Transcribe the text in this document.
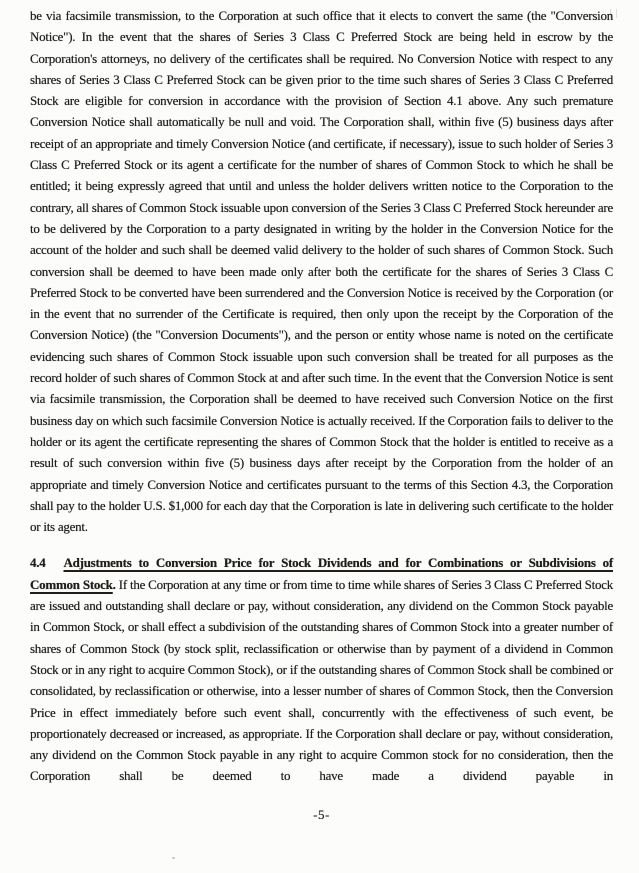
be via facsimile transmission, to the Corporation at such office that it elects to convert the same (the "Conversion Notice"). In the event that the shares of Series 3 Class C Preferred Stock are being held in escrow by the Corporation's attorneys, no delivery of the certificates shall be required. No Conversion Notice with respect to any shares of Series 3 Class C Preferred Stock can be given prior to the time such shares of Series 3 Class C Preferred Stock are eligible for conversion in accordance with the provision of Section 4.1 above. Any such premature Conversion Notice shall automatically be null and void. The Corporation shall, within five (5) business days after receipt of an appropriate and timely Conversion Notice (and certificate, if necessary), issue to such holder of Series 3 Class C Preferred Stock or its agent a certificate for the number of shares of Common Stock to which he shall be entitled; it being expressly agreed that until and unless the holder delivers written notice to the Corporation to the contrary, all shares of Common Stock issuable upon conversion of the Series 3 Class C Preferred Stock hereunder are to be delivered by the Corporation to a party designated in writing by the holder in the Conversion Notice for the account of the holder and such shall be deemed valid delivery to the holder of such shares of Common Stock. Such conversion shall be deemed to have been made only after both the certificate for the shares of Series 3 Class C Preferred Stock to be converted have been surrendered and the Conversion Notice is received by the Corporation (or in the event that no surrender of the Certificate is required, then only upon the receipt by the Corporation of the Conversion Notice) (the "Conversion Documents"), and the person or entity whose name is noted on the certificate evidencing such shares of Common Stock issuable upon such conversion shall be treated for all purposes as the record holder of such shares of Common Stock at and after such time. In the event that the Conversion Notice is sent via facsimile transmission, the Corporation shall be deemed to have received such Conversion Notice on the first business day on which such facsimile Conversion Notice is actually received. If the Corporation fails to deliver to the holder or its agent the certificate representing the shares of Common Stock that the holder is entitled to receive as a result of such conversion within five (5) business days after receipt by the Corporation from the holder of an appropriate and timely Conversion Notice and certificates pursuant to the terms of this Section 4.3, the Corporation shall pay to the holder U.S. $1,000 for each day that the Corporation is late in delivering such certificate to the holder or its agent.

4.4 Adjustments to Conversion Price for Stock Dividends and for Combinations or Subdivisions of Common Stock. If the Corporation at any time or from time to time while shares of Series 3 Class C Preferred Stock are issued and outstanding shall declare or pay, without consideration, any dividend on the Common Stock payable in Common Stock, or shall effect a subdivision of the outstanding shares of Common Stock into a greater number of shares of Common Stock (by stock split, reclassification or otherwise than by payment of a dividend in Common Stock or in any right to acquire Common Stock), or if the outstanding shares of Common Stock shall be combined or consolidated, by reclassification or otherwise, into a lesser number of shares of Common Stock, then the Conversion Price in effect immediately before such event shall, concurrently with the effectiveness of such event, be proportionately decreased or increased, as appropriate. If the Corporation shall declare or pay, without consideration, any dividend on the Common Stock payable in any right to acquire Common stock for no consideration, then the Corporation shall be deemed to have made a dividend payable in

-5-
